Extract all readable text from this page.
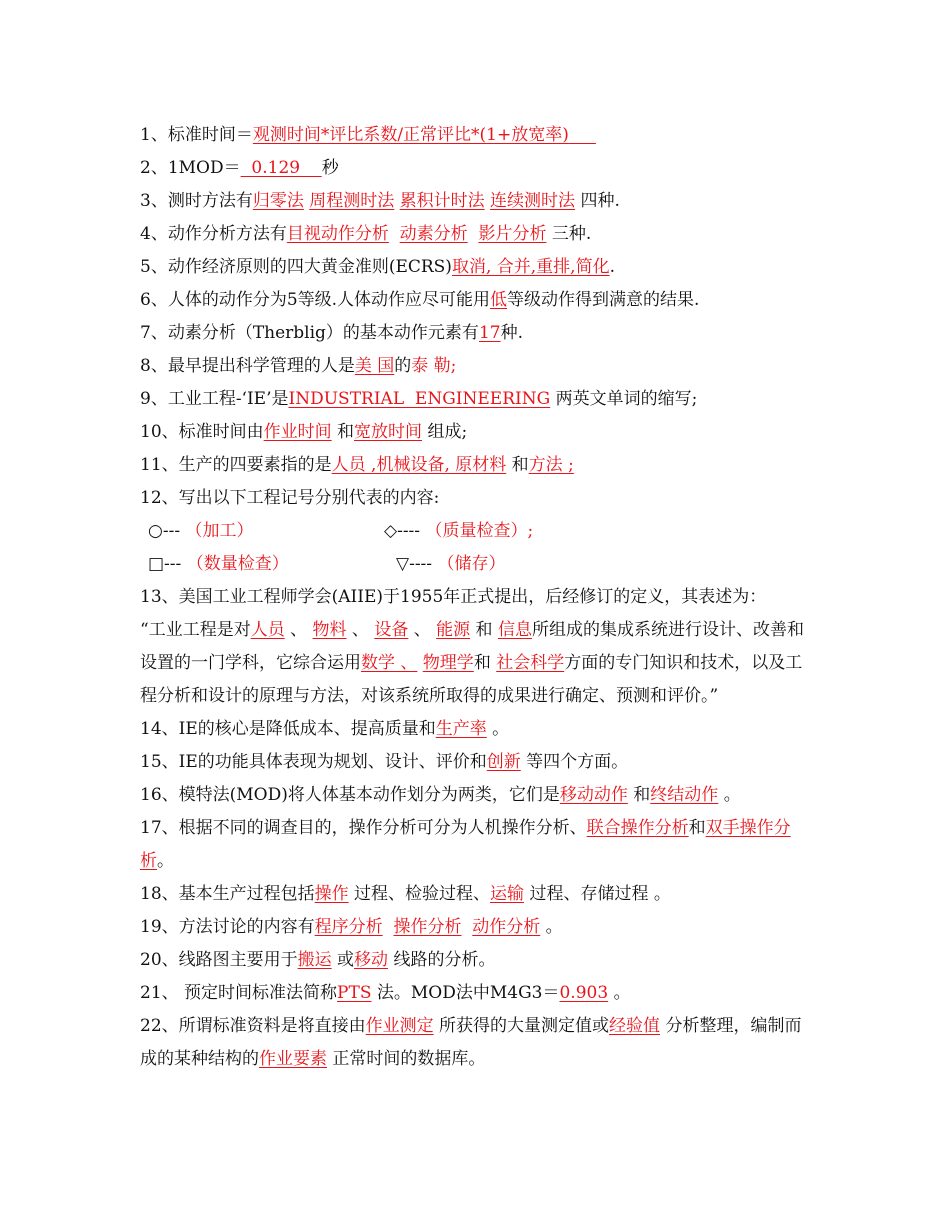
1、标准时间＝观测时间*评比系数/正常评比*(1+放宽率)
2、1MOD＝ 0.129 秒
3、测时方法有归零法 周程测时法 累积计时法 连续测时法 四种.
4、动作分析方法有目视动作分析 动素分析 影片分析 三种.
5、动作经济原则的四大黄金准则(ECRS)取消, 合并,重排,简化.
6、人体的动作分为5等级.人体动作应尽可能用低等级动作得到满意的结果.
7、动素分析（Therblig）的基本动作元素有17种.
8、最早提出科学管理的人是美 国的泰 勒;
9、工业工程-‘IE’是INDUSTRIAL  ENGINEERING 两英文单词的缩写;
10、标准时间由作业时间 和宽放时间 组成;
11、生产的四要素指的是人员 ,机械设备, 原材料 和方法 ;
12、写出以下工程记号分别代表的内容:
○--- （加工）	◇---- （质量检查）;
□--- （数量检查）	▽---- （储存）
13、美国工业工程师学会(AIIE)于1955年正式提出，后经修订的定义，其表述为：
“工业工程是对人员 、 物料 、 设备 、 能源 和 信息所组成的集成系统进行设计、改善和设置的一门学科，它综合运用数学 、 物理学和 社会科学方面的专门知识和技术，以及工程分析和设计的原理与方法，对该系统所取得的成果进行确定、预测和评价。”
14、IE的核心是降低成本、提高质量和生产率 。
15、IE的功能具体表现为规划、设计、评价和创新 等四个方面。
16、模特法(MOD)将人体基本动作划分为两类，它们是移动动作 和终结动作 。
17、根据不同的调查目的，操作分析可分为人机操作分析、联合操作分析和双手操作分析。
18、基本生产过程包括操作 过程、检验过程、运输 过程、存储过程 。
19、方法讨论的内容有程序分析 操作分析 动作分析 。
20、线路图主要用于搬运 或移动 线路的分析。
21、 预定时间标准法简称PTS 法。MOD法中M4G3＝0.903 。
22、所谓标准资料是将直接由作业测定 所获得的大量测定值或经验值 分析整理，编制而成的某种结构的作业要素 正常时间的数据库。
